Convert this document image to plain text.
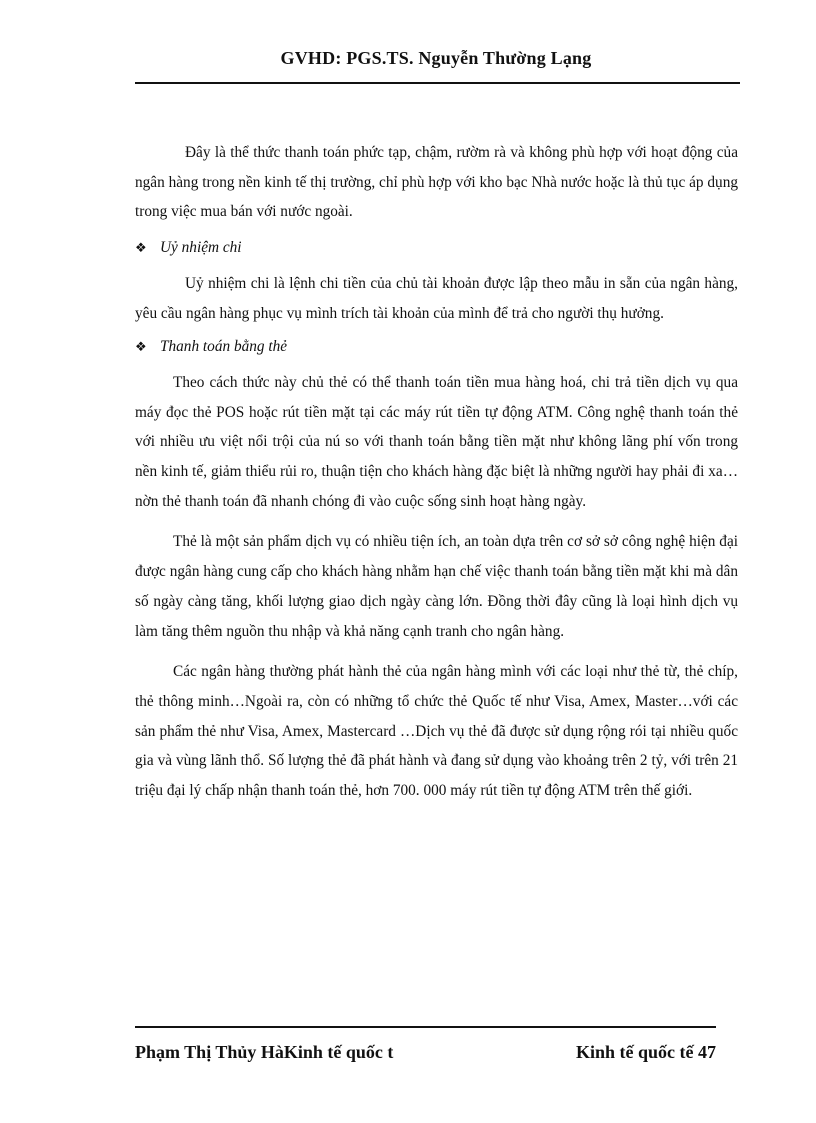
GVHD: PGS.TS. Nguyễn Thường Lạng

Đây là thể thức thanh toán phức tạp, chậm, rườm rà và không phù hợp với hoạt động của ngân hàng trong nền kinh tế thị trường, chỉ phù hợp với kho bạc Nhà nước hoặc là thủ tục áp dụng trong việc mua bán với nước ngoài.

❖ Uỷ nhiệm chi

Uỷ nhiệm chi là lệnh chi tiền của chủ tài khoản được lập theo mẫu in sẵn của ngân hàng, yêu cầu ngân hàng phục vụ mình trích tài khoản của mình để trả cho người thụ hưởng.

❖ Thanh toán bằng thẻ

Theo cách thức này chủ thẻ có thể thanh toán tiền mua hàng hoá, chi trả tiền dịch vụ qua máy đọc thẻ POS hoặc rút tiền mặt tại các máy rút tiền tự động ATM. Công nghệ thanh toán thẻ với nhiều ưu việt nổi trội của nú so với thanh toán bằng tiền mặt như không lãng phí vốn trong nền kinh tế, giảm thiểu rủi ro, thuận tiện cho khách hàng đặc biệt là những người hay phải đi xa…nờn thẻ thanh toán đã nhanh chóng đi vào cuộc sống sinh hoạt hàng ngày.

Thẻ là một sản phẩm dịch vụ có nhiều tiện ích, an toàn dựa trên cơ sở sở công nghệ hiện đại được ngân hàng cung cấp cho khách hàng nhằm hạn chế việc thanh toán bằng tiền mặt khi mà dân số ngày càng tăng, khối lượng giao dịch ngày càng lớn. Đồng thời đây cũng là loại hình dịch vụ làm tăng thêm nguồn thu nhập và khả năng cạnh tranh cho ngân hàng.

Các ngân hàng thường phát hành thẻ của ngân hàng mình với các loại như thẻ từ, thẻ chíp, thẻ thông minh…Ngoài ra, còn có những tổ chức thẻ Quốc tế như Visa, Amex, Master…với các sản phẩm thẻ như Visa, Amex, Mastercard …Dịch vụ thẻ đã được sử dụng rộng rói tại nhiều quốc gia và vùng lãnh thổ. Số lượng thẻ đã phát hành và đang sử dụng vào khoảng trên 2 tỷ, với trên 21 triệu đại lý chấp nhận thanh toán thẻ, hơn 700. 000 máy rút tiền tự động ATM trên thế giới.

Phạm Thị Thủy HàKinh tế quốc t	Kinh tế quốc tế 47
